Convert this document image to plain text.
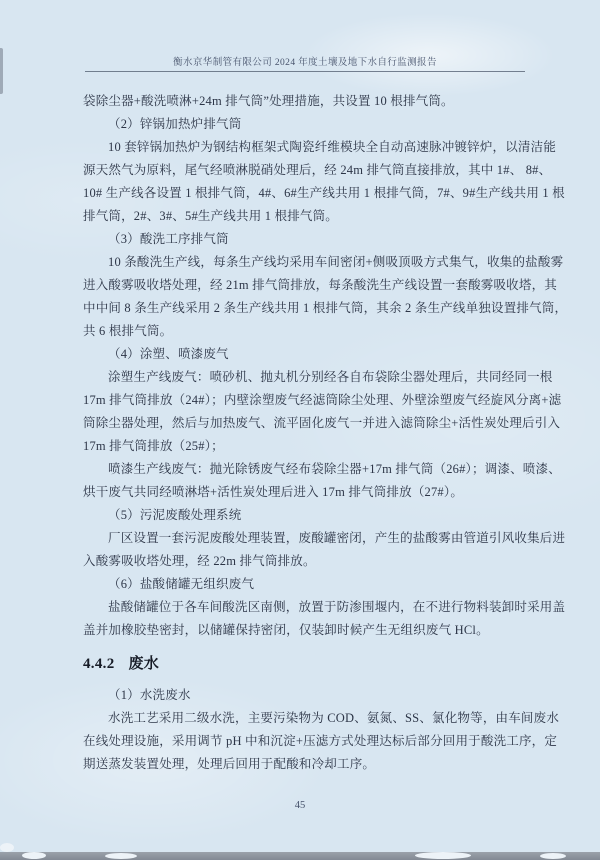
衡水京华制管有限公司 2024 年度土壤及地下水自行监测报告
袋除尘器+酸洗喷淋+24m 排气筒”处理措施，共设置 10 根排气筒。
（2）锌锅加热炉排气筒
10 套锌锅加热炉为钢结构框架式陶瓷纤维模块全自动高速脉冲镀锌炉，以清洁能
源天然气为原料，尾气经喷淋脱硝处理后，经 24m 排气筒直接排放，其中 1#、 8#、
10# 生产线各设置 1 根排气筒，4#、6#生产线共用 1 根排气筒，7#、9#生产线共用 1 根
排气筒，2#、3#、5#生产线共用 1 根排气筒。
（3）酸洗工序排气筒
10 条酸洗生产线，每条生产线均采用车间密闭+侧吸顶吸方式集气，收集的盐酸雾
进入酸雾吸收塔处理，经 21m 排气筒排放，每条酸洗生产线设置一套酸雾吸收塔，其
中中间 8 条生产线采用 2 条生产线共用 1 根排气筒，其余 2 条生产线单独设置排气筒，
共 6 根排气筒。
（4）涂塑、喷漆废气
涂塑生产线废气：喷砂机、抛丸机分别经各自布袋除尘器处理后，共同经同一根
17m 排气筒排放（24#）；内壁涂塑废气经滤筒除尘处理、外壁涂塑废气经旋风分离+滤
筒除尘器处理，然后与加热废气、流平固化废气一并进入滤筒除尘+活性炭处理后引入
17m 排气筒排放（25#）；
喷漆生产线废气：抛光除锈废气经布袋除尘器+17m 排气筒（26#）；调漆、喷漆、
烘干废气共同经喷淋塔+活性炭处理后进入 17m 排气筒排放（27#）。
（5）污泥废酸处理系统
厂区设置一套污泥废酸处理装置，废酸罐密闭，产生的盐酸雾由管道引风收集后进
入酸雾吸收塔处理，经 22m 排气筒排放。
（6）盐酸储罐无组织废气
盐酸储罐位于各车间酸洗区南侧，放置于防渗围堰内，在不进行物料装卸时采用盖
盖并加橡胶垫密封，以储罐保持密闭，仅装卸时候产生无组织废气 HCl。
4.4.2 废水
（1）水洗废水
水洗工艺采用二级水洗，主要污染物为 COD、氨氮、SS、氯化物等，由车间废水
在线处理设施，采用调节 pH 中和沉淀+压滤方式处理达标后部分回用于酸洗工序，定
期送蒸发装置处理，处理后回用于配酸和冷却工序。
45
